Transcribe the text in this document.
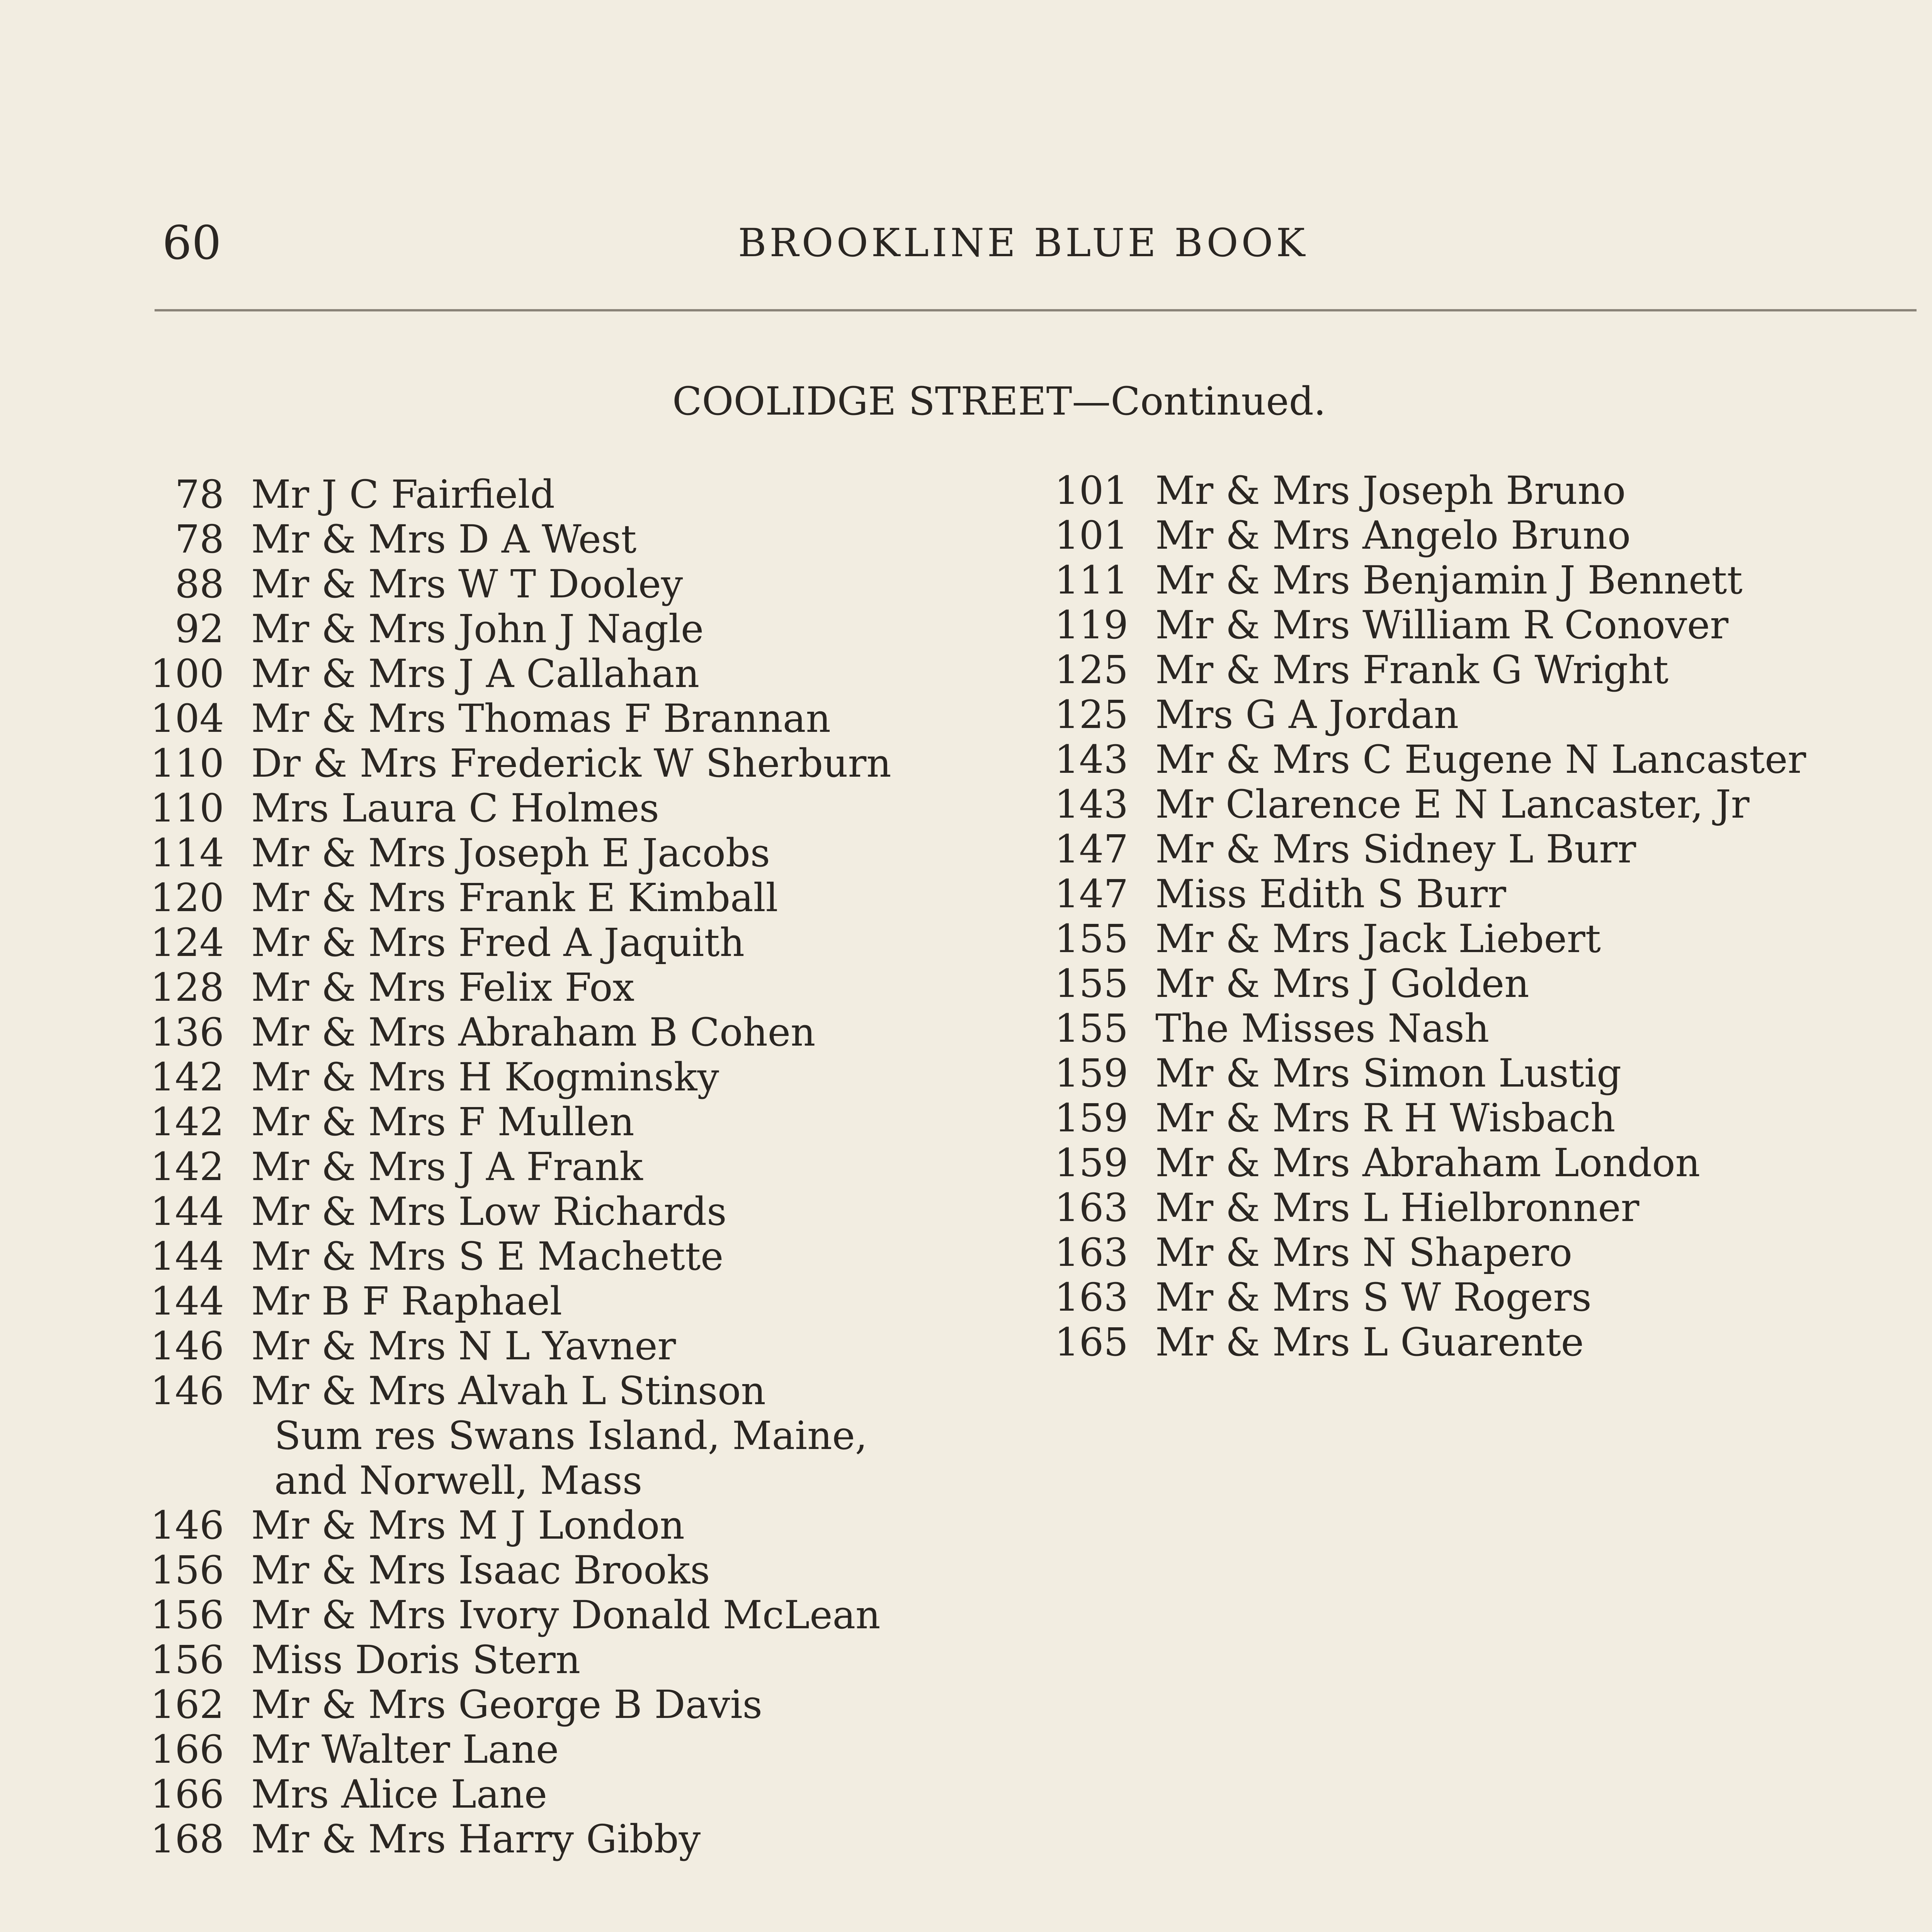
60	BROOKLINE BLUE BOOK
COOLIDGE STREET—Continued.
78 Mr J C Fairfield
78 Mr & Mrs D A West
88 Mr & Mrs W T Dooley
92 Mr & Mrs John J Nagle
100 Mr & Mrs J A Callahan
104 Mr & Mrs Thomas F Brannan
110 Dr & Mrs Frederick W Sherburn
110 Mrs Laura C Holmes
114 Mr & Mrs Joseph E Jacobs
120 Mr & Mrs Frank E Kimball
124 Mr & Mrs Fred A Jaquith
128 Mr & Mrs Felix Fox
136 Mr & Mrs Abraham B Cohen
142 Mr & Mrs H Kogminsky
142 Mr & Mrs F Mullen
142 Mr & Mrs J A Frank
144 Mr & Mrs Low Richards
144 Mr & Mrs S E Machette
144 Mr B F Raphael
146 Mr & Mrs N L Yavner
146 Mr & Mrs Alvah L Stinson
Sum res Swans Island, Maine,
and Norwell, Mass
146 Mr & Mrs M J London
156 Mr & Mrs Isaac Brooks
156 Mr & Mrs Ivory Donald McLean
156 Miss Doris Stern
162 Mr & Mrs George B Davis
166 Mr Walter Lane
166 Mrs Alice Lane
168 Mr & Mrs Harry Gibby
101 Mr & Mrs Joseph Bruno
101 Mr & Mrs Angelo Bruno
111 Mr & Mrs Benjamin J Bennett
119 Mr & Mrs William R Conover
125 Mr & Mrs Frank G Wright
125 Mrs G A Jordan
143 Mr & Mrs C Eugene N Lancaster
143 Mr Clarence E N Lancaster, Jr
147 Mr & Mrs Sidney L Burr
147 Miss Edith S Burr
155 Mr & Mrs Jack Liebert
155 Mr & Mrs J Golden
155 The Misses Nash
159 Mr & Mrs Simon Lustig
159 Mr & Mrs R H Wisbach
159 Mr & Mrs Abraham London
163 Mr & Mrs L Hielbronner
163 Mr & Mrs N Shapero
163 Mr & Mrs S W Rogers
165 Mr & Mrs L Guarente
